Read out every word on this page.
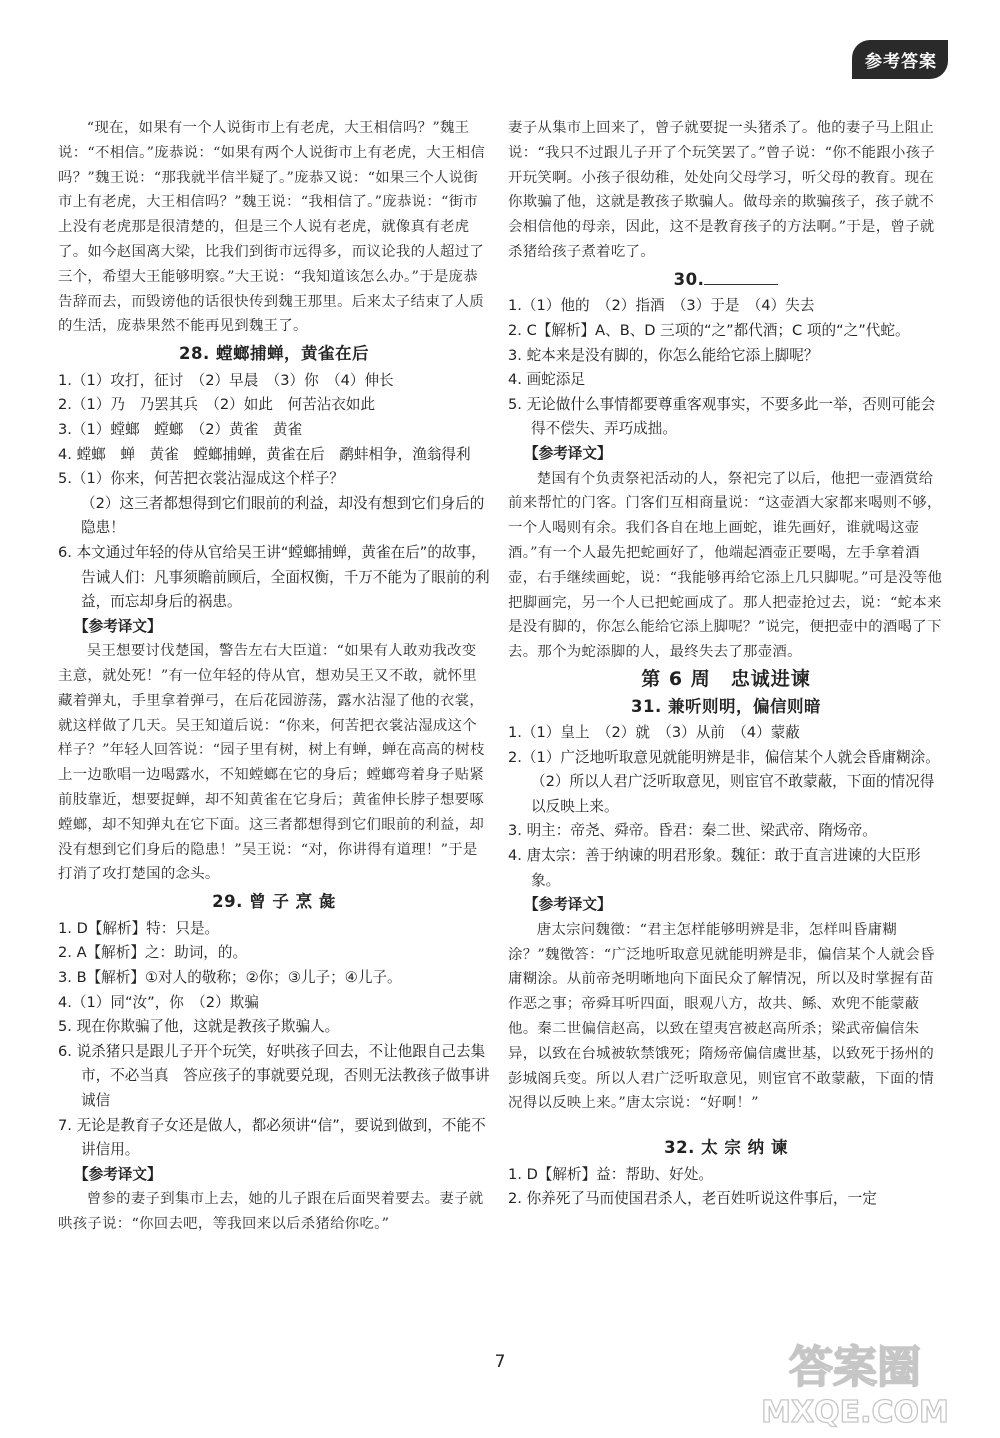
参考答案

“现在，如果有一个人说街市上有老虎，大王相信吗？”魏王说：“不相信。”庞恭说：“如果有两个人说街市上有老虎，大王相信吗？”魏王说：“那我就半信半疑了。”庞恭又说：“如果三个人说街市上有老虎，大王相信吗？”魏王说：“我相信了。”庞恭说：“街市上没有老虎那是很清楚的，但是三个人说有老虎，就像真有老虎了。如今赵国离大梁，比我们到街市远得多，而议论我的人超过了三个，希望大王能够明察。”大王说：“我知道该怎么办。”于是庞恭告辞而去，而毁谤他的话很快传到魏王那里。后来太子结束了人质的生活，庞恭果然不能再见到魏王了。

28. 螳螂捕蝉，黄雀在后

1.（1）攻打，征讨　（2）早晨　（3）你　（4）伸长

2.（1）乃　乃罢其兵　（2）如此　何苦沾衣如此

3.（1）螳螂　螳螂　（2）黄雀　黄雀

4. 螳螂　蝉　黄雀　螳螂捕蝉，黄雀在后　鹬蚌相争，渔翁得利

5.（1）你来，何苦把衣裳沾湿成这个样子？

（2）这三者都想得到它们眼前的利益，却没有想到它们身后的隐患！

6. 本文通过年轻的侍从官给吴王讲“螳螂捕蝉，黄雀在后”的故事，告诫人们：凡事须瞻前顾后，全面权衡，千万不能为了眼前的利益，而忘却身后的祸患。

【参考译文】

吴王想要讨伐楚国，警告左右大臣道：“如果有人敢劝我改变主意，就处死！”有一位年轻的侍从官，想劝吴王又不敢，就怀里藏着弹丸，手里拿着弹弓，在后花园游荡，露水沾湿了他的衣裳，就这样做了几天。吴王知道后说：“你来，何苦把衣裳沾湿成这个样子？”年轻人回答说：“园子里有树，树上有蝉，蝉在高高的树枝上一边歌唱一边喝露水，不知螳螂在它的身后；螳螂弯着身子贴紧前肢靠近，想要捉蝉，却不知黄雀在它身后；黄雀伸长脖子想要啄螳螂，却不知弹丸在它下面。这三者都想得到它们眼前的利益，却没有想到它们身后的隐患！”吴王说：“对，你讲得有道理！”于是打消了攻打楚国的念头。

29. 曾 子 烹 彘

1. D【解析】特：只是。

2. A【解析】之：助词，的。

3. B【解析】①对人的敬称；②你；③儿子；④儿子。

4.（1）同“汝”，你　（2）欺骗

5. 现在你欺骗了他，这就是教孩子欺骗人。

6. 说杀猪只是跟儿子开个玩笑，好哄孩子回去，不让他跟自己去集市，不必当真　答应孩子的事就要兑现，否则无法教孩子做事讲诚信

7. 无论是教育子女还是做人，都必须讲“信”，要说到做到，不能不讲信用。

【参考译文】

曾参的妻子到集市上去，她的儿子跟在后面哭着要去。妻子就哄孩子说：“你回去吧，等我回来以后杀猪给你吃。”

妻子从集市上回来了，曾子就要捉一头猪杀了。他的妻子马上阻止说：“我只不过跟儿子开了个玩笑罢了。”曾子说：“你不能跟小孩子开玩笑啊。小孩子很幼稚，处处向父母学习，听父母的教育。现在你欺骗了他，这就是教孩子欺骗人。做母亲的欺骗孩子，孩子就不会相信他的母亲，因此，这不是教育孩子的方法啊。”于是，曾子就杀猪给孩子煮着吃了。

30.

1.（1）他的　（2）指酒　（3）于是　（4）失去

2. C【解析】A、B、D 三项的“之”都代酒；C 项的“之”代蛇。

3. 蛇本来是没有脚的，你怎么能给它添上脚呢？

4. 画蛇添足

5. 无论做什么事情都要尊重客观事实，不要多此一举，否则可能会得不偿失、弄巧成拙。

【参考译文】

楚国有个负责祭祀活动的人，祭祀完了以后，他把一壶酒赏给前来帮忙的门客。门客们互相商量说：“这壶酒大家都来喝则不够，一个人喝则有余。我们各自在地上画蛇，谁先画好，谁就喝这壶酒。”有一个人最先把蛇画好了，他端起酒壶正要喝，左手拿着酒壶，右手继续画蛇，说：“我能够再给它添上几只脚呢。”可是没等他把脚画完，另一个人已把蛇画成了。那人把壶抢过去，说：“蛇本来是没有脚的，你怎么能给它添上脚呢？”说完，便把壶中的酒喝了下去。那个为蛇添脚的人，最终失去了那壶酒。

第 6 周　忠诚进谏

31. 兼听则明，偏信则暗

1.（1）皇上　（2）就　（3）从前　（4）蒙蔽

2.（1）广泛地听取意见就能明辨是非，偏信某个人就会昏庸糊涂。

（2）所以人君广泛听取意见，则宦官不敢蒙蔽，下面的情况得以反映上来。

3. 明主：帝尧、舜帝。昏君：秦二世、梁武帝、隋炀帝。

4. 唐太宗：善于纳谏的明君形象。魏征：敢于直言进谏的大臣形象。

【参考译文】

唐太宗问魏徵：“君主怎样能够明辨是非，怎样叫昏庸糊涂？”魏徵答：“广泛地听取意见就能明辨是非，偏信某个人就会昏庸糊涂。从前帝尧明晰地向下面民众了解情况，所以及时掌握有苗作恶之事；帝舜耳听四面，眼观八方，故共、鲧、欢兜不能蒙蔽他。秦二世偏信赵高，以致在望夷宫被赵高所杀；梁武帝偏信朱异，以致在台城被软禁饿死；隋炀帝偏信虞世基，以致死于扬州的彭城阁兵变。所以人君广泛听取意见，则宦官不敢蒙蔽，下面的情况得以反映上来。”唐太宗说：“好啊！”

32. 太 宗 纳 谏

1. D【解析】益：帮助、好处。

2. 你养死了马而使国君杀人，老百姓听说这件事后，一定

7	答案圈
MXQE.COM
